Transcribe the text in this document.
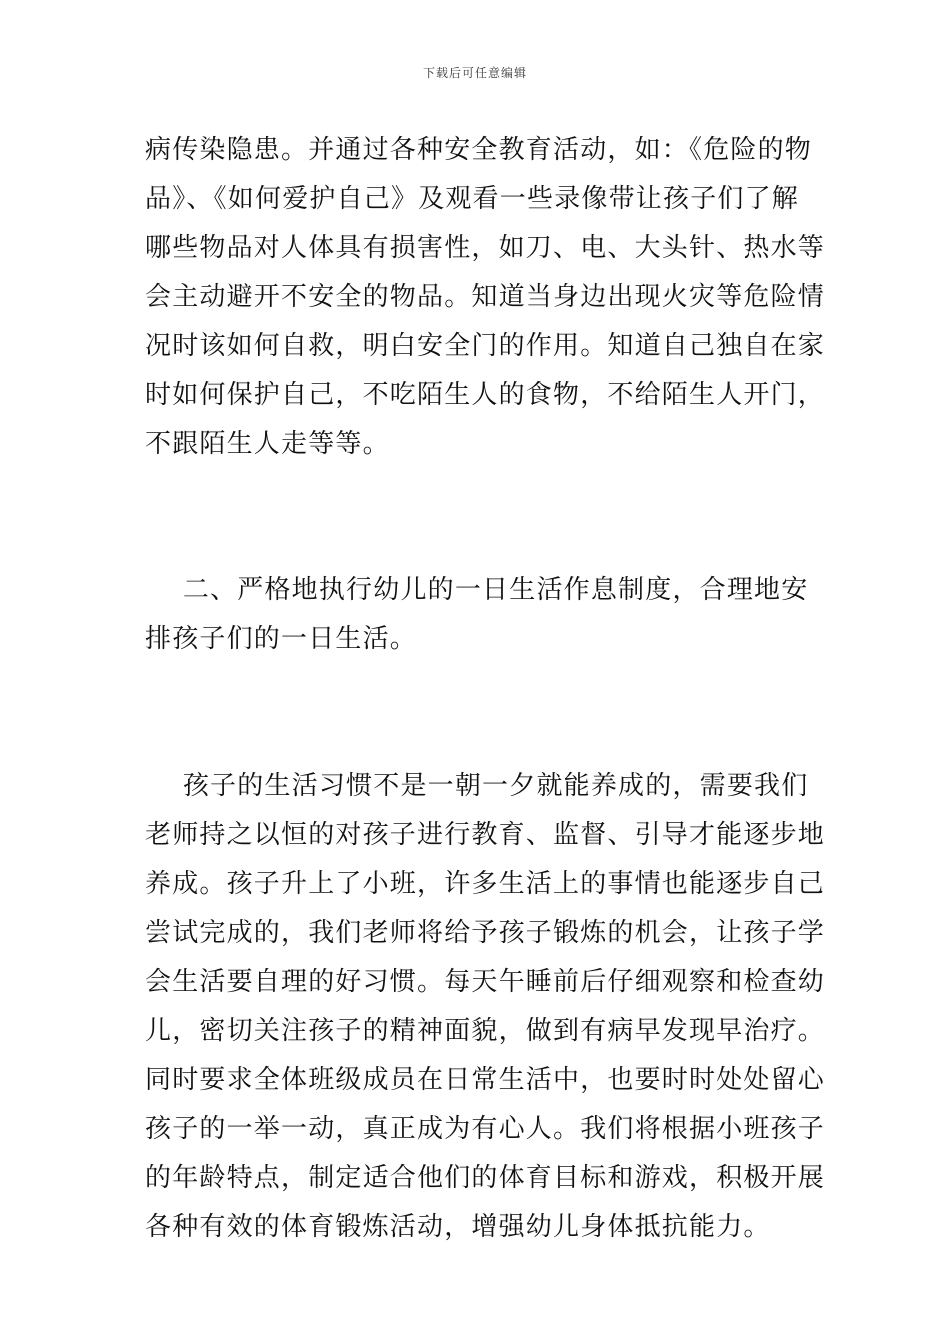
下载后可任意编辑
病传染隐患。并通过各种安全教育活动，如：《危险的物
品》、《如何爱护自己》及观看一些录像带让孩子们了解
哪些物品对人体具有损害性，如刀、电、大头针、热水等
会主动避开不安全的物品。知道当身边出现火灾等危险情
况时该如何自救，明白安全门的作用。知道自己独自在家
时如何保护自己，不吃陌生人的食物，不给陌生人开门，
不跟陌生人走等等。
二、严格地执行幼儿的一日生活作息制度，合理地安
排孩子们的一日生活。
孩子的生活习惯不是一朝一夕就能养成的，需要我们
老师持之以恒的对孩子进行教育、监督、引导才能逐步地
养成。孩子升上了小班，许多生活上的事情也能逐步自己
尝试完成的，我们老师将给予孩子锻炼的机会，让孩子学
会生活要自理的好习惯。每天午睡前后仔细观察和检查幼
儿，密切关注孩子的精神面貌，做到有病早发现早治疗。
同时要求全体班级成员在日常生活中，也要时时处处留心
孩子的一举一动，真正成为有心人。我们将根据小班孩子
的年龄特点，制定适合他们的体育目标和游戏，积极开展
各种有效的体育锻炼活动，增强幼儿身体抵抗能力。
